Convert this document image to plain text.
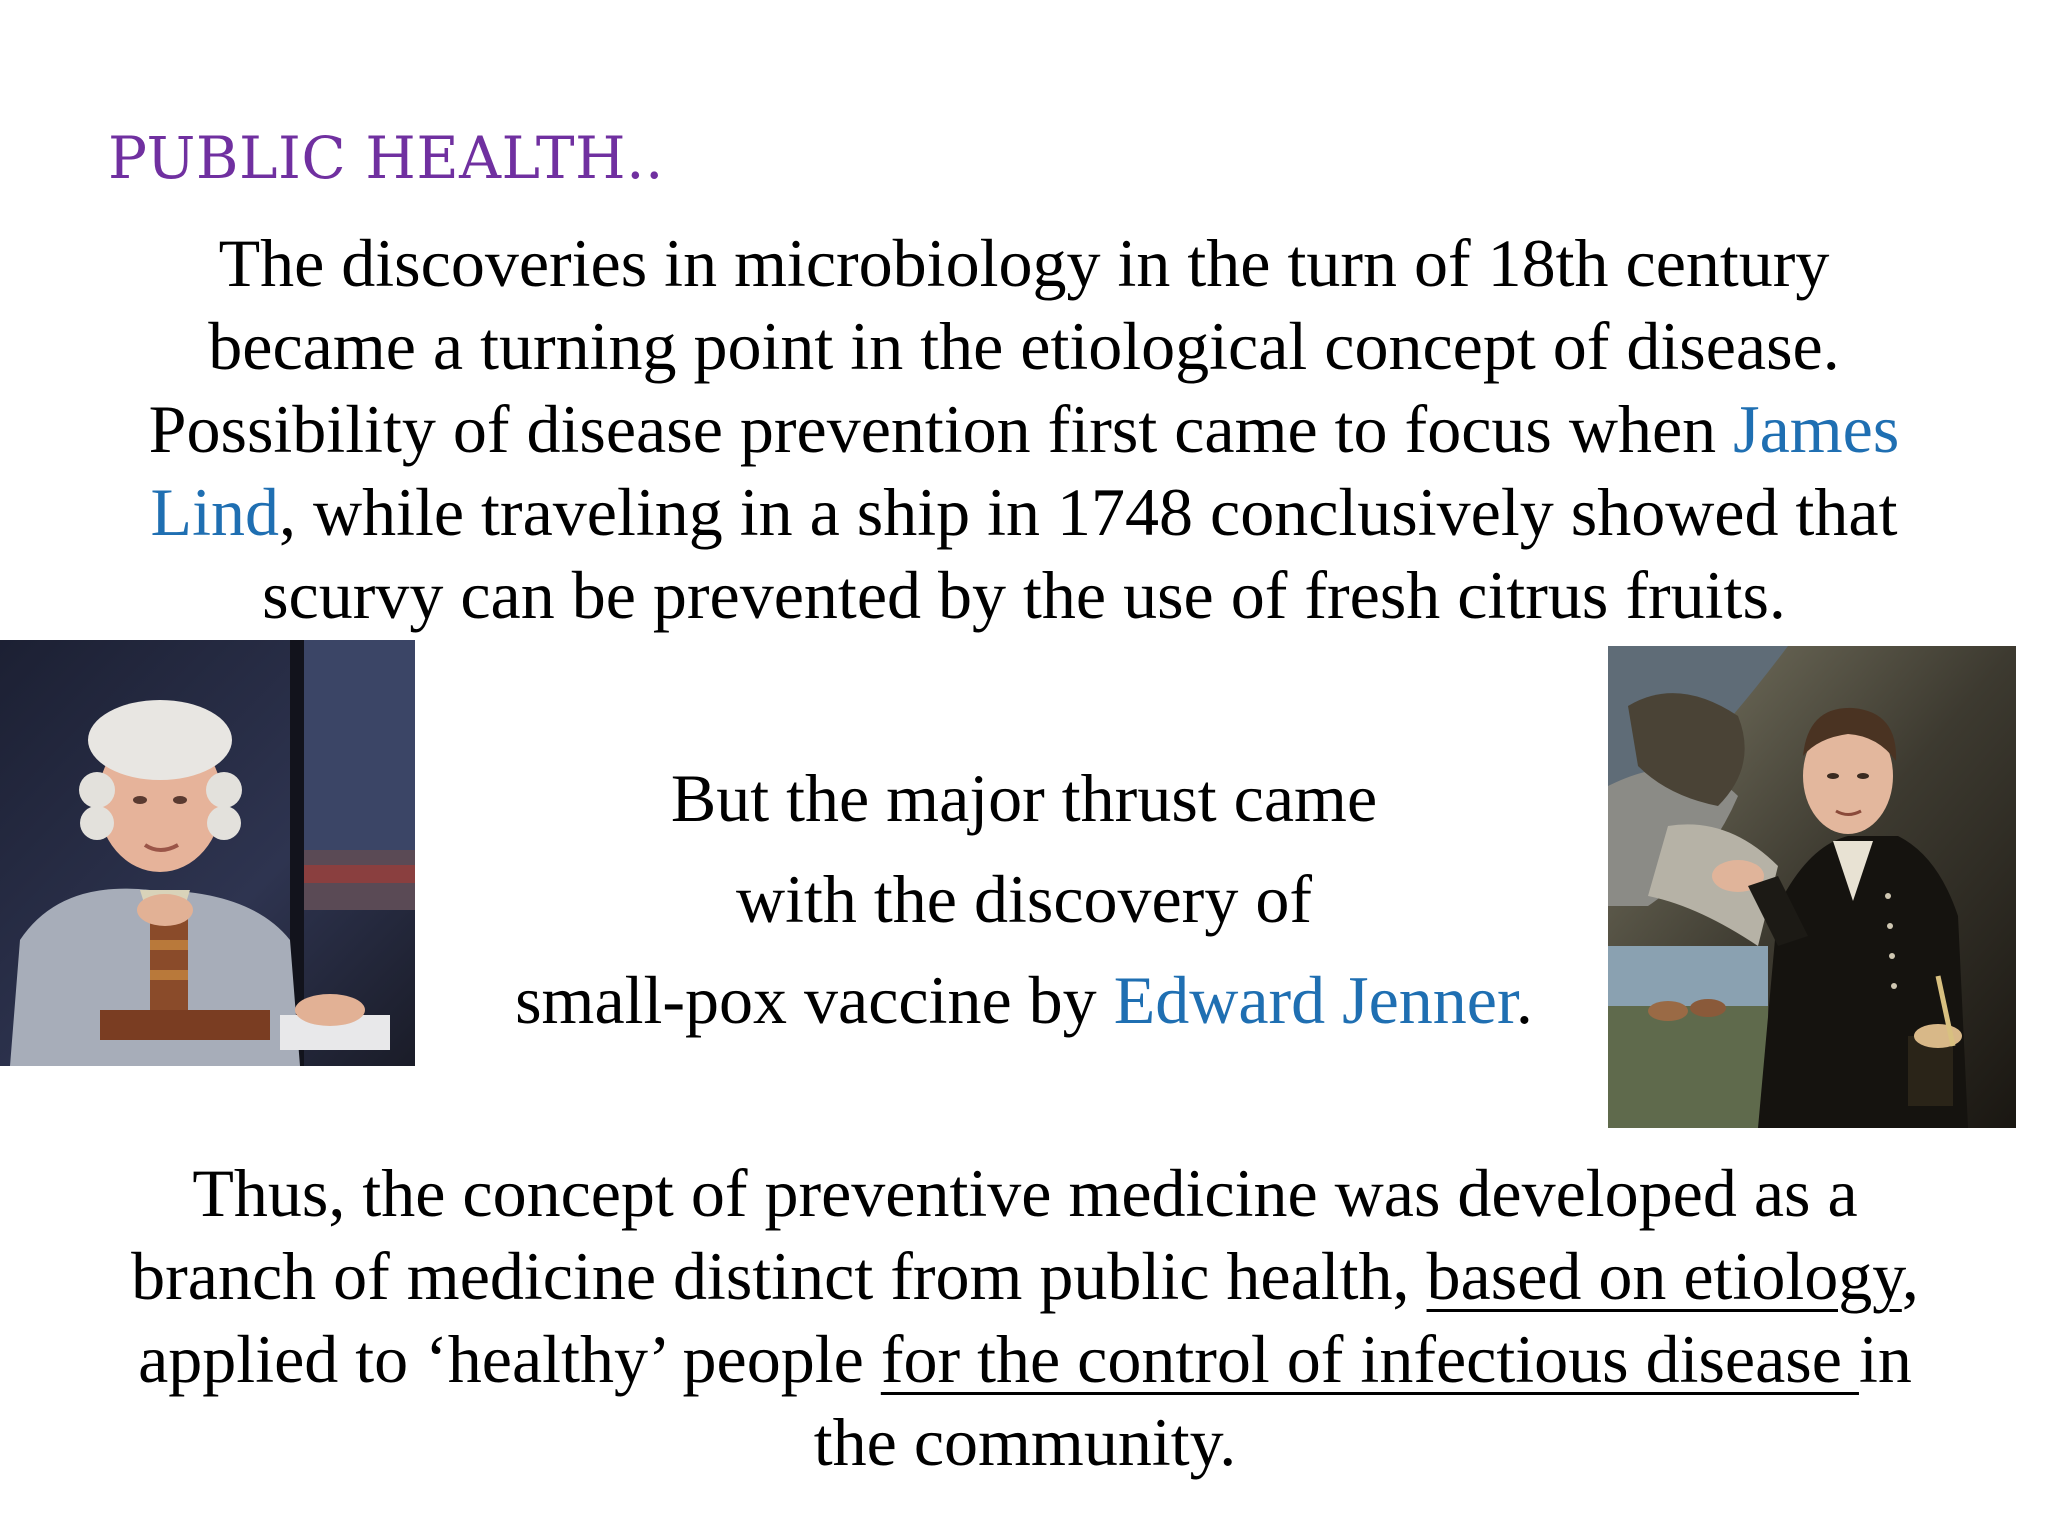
PUBLIC HEALTH..

The discoveries in microbiology in the turn of 18th century
became a turning point in the etiological concept of disease.
Possibility of disease prevention first came to focus when James Lind, while traveling in a ship in 1748 conclusively showed that scurvy can be prevented by the use of fresh citrus fruits.

But the major thrust came
with the discovery of
small-pox vaccine by Edward Jenner.

Thus, the concept of preventive medicine was developed as a branch of medicine distinct from public health, based on etiology, applied to ‘healthy’ people for the control of infectious disease in the community.
